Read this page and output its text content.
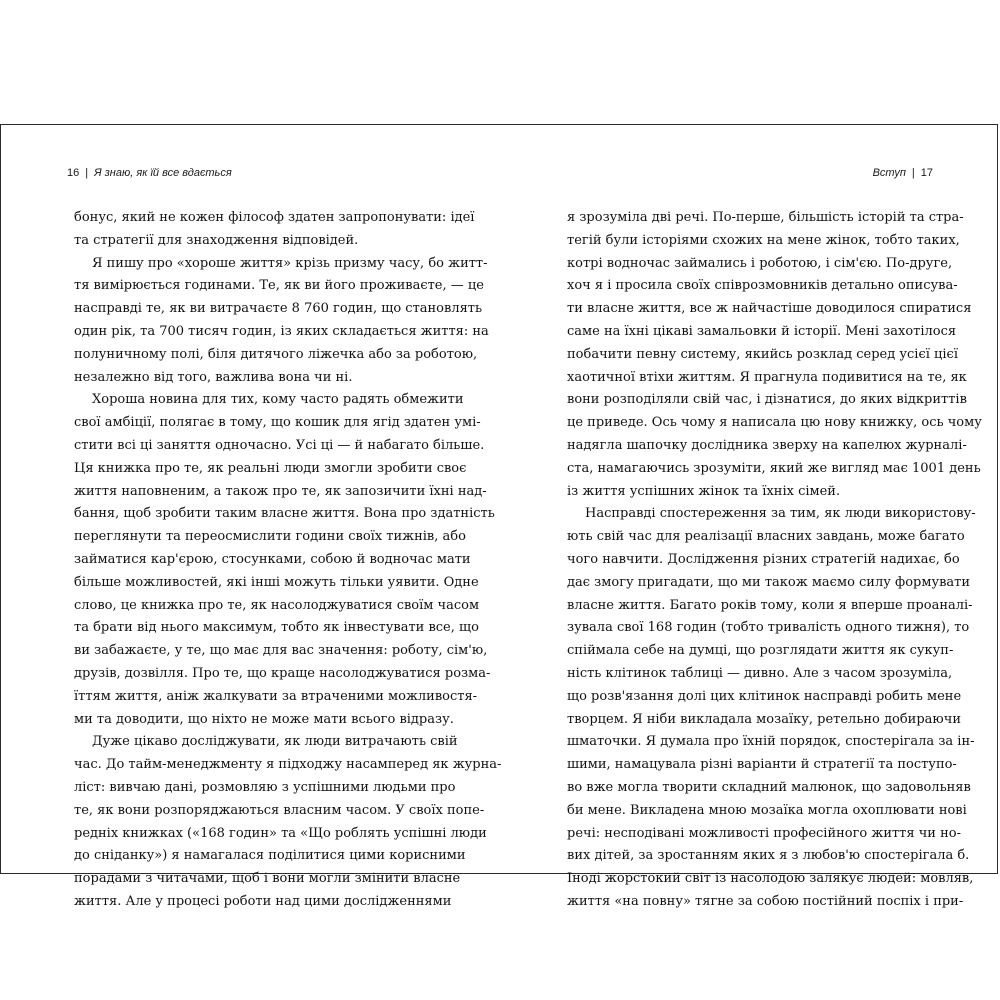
16 | Я знаю, як їй все вдається
бонус, який не кожен філософ здатен запропонувати: ідеї
та стратегії для знаходження відповідей.
Я пишу про «хороше життя» крізь призму часу, бо житт-
тя вимірюється годинами. Те, як ви його проживаєте, — це
насправді те, як ви витрачаєте 8 760 годин, що становлять
один рік, та 700 тисяч годин, із яких складається життя: на
полуничному полі, біля дитячого ліжечка або за роботою,
незалежно від того, важлива вона чи ні.
Хороша новина для тих, кому часто радять обмежити
свої амбіції, полягає в тому, що кошик для ягід здатен умі-
стити всі ці заняття одночасно. Усі ці — й набагато більше.
Ця книжка про те, як реальні люди змогли зробити своє
життя наповненим, а також про те, як запозичити їхні над-
бання, щоб зробити таким власне життя. Вона про здатність
переглянути та переосмислити години своїх тижнів, або
займатися кар'єрою, стосунками, собою й водночас мати
більше можливостей, які інші можуть тільки уявити. Одне
слово, це книжка про те, як насолоджуватися своїм часом
та брати від нього максимум, тобто як інвестувати все, що
ви забажаєте, у те, що має для вас значення: роботу, сім'ю,
друзів, дозвілля. Про те, що краще насолоджуватися розма-
їттям життя, аніж жалкувати за втраченими можливостя-
ми та доводити, що ніхто не може мати всього відразу.
Дуже цікаво досліджувати, як люди витрачають свій
час. До тайм-менеджменту я підходжу насамперед як журна-
ліст: вивчаю дані, розмовляю з успішними людьми про
те, як вони розпоряджаються власним часом. У своїх попе-
редніх книжках («168 годин» та «Що роблять успішні люди
до сніданку») я намагалася поділитися цими корисними
порадами з читачами, щоб і вони могли змінити власне
життя. Але у процесі роботи над цими дослідженнями
Вступ | 17
я зрозуміла дві речі. По-перше, більшість історій та стра-
тегій були історіями схожих на мене жінок, тобто таких,
котрі водночас займались і роботою, і сім'єю. По-друге,
хоч я і просила своїх співрозмовників детально описува-
ти власне життя, все ж найчастіше доводилося спиратися
саме на їхні цікаві замальовки й історії. Мені захотілося
побачити певну систему, якийсь розклад серед усієї цієї
хаотичної втіхи життям. Я прагнула подивитися на те, як
вони розподіляли свій час, і дізнатися, до яких відкриттів
це приведе. Ось чому я написала цю нову книжку, ось чому
надягла шапочку дослідника зверху на капелюх журналі-
ста, намагаючись зрозуміти, який же вигляд має 1001 день
із життя успішних жінок та їхніх сімей.
Насправді спостереження за тим, як люди використову-
ють свій час для реалізації власних завдань, може багато
чого навчити. Дослідження різних стратегій надихає, бо
дає змогу пригадати, що ми також маємо силу формувати
власне життя. Багато років тому, коли я вперше проаналі-
зувала свої 168 годин (тобто тривалість одного тижня), то
спіймала себе на думці, що розглядати життя як сукуп-
ність клітинок таблиці — дивно. Але з часом зрозуміла,
що розв'язання долі цих клітинок насправді робить мене
творцем. Я ніби викладала мозаїку, ретельно добираючи
шматочки. Я думала про їхній порядок, спостерігала за ін-
шими, намацувала різні варіанти й стратегії та поступо-
во вже могла творити складний малюнок, що задовольняв
би мене. Викладена мною мозаїка могла охоплювати нові
речі: несподівані можливості професійного життя чи но-
вих дітей, за зростанням яких я з любов'ю спостерігала б.
Іноді жорстокий світ із насолодою залякує людей: мовляв,
життя «на повну» тягне за собою постійний поспіх і при-
